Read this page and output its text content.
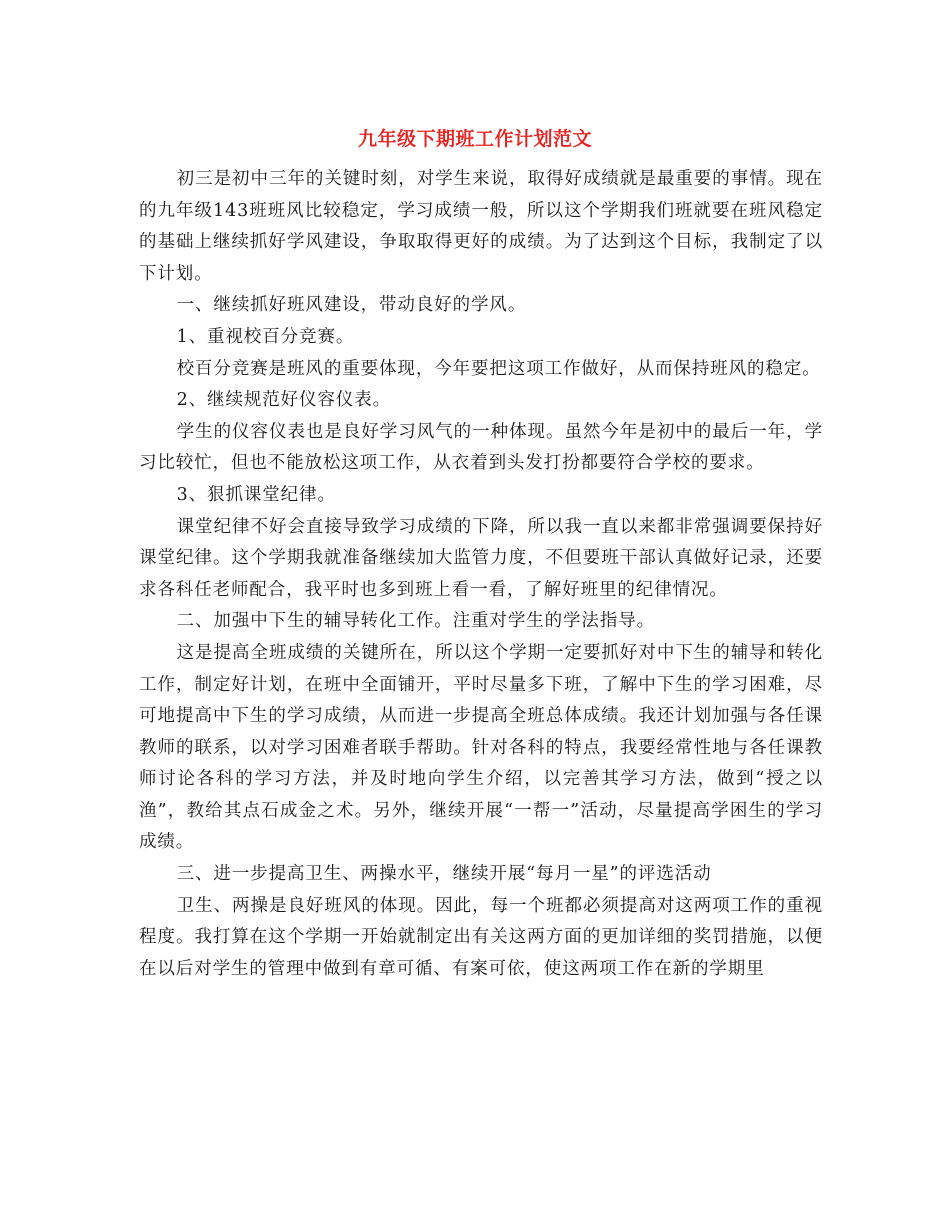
九年级下期班工作计划范文

初三是初中三年的关键时刻，对学生来说，取得好成绩就是最重要的事情。现在的九年级143班班风比较稳定，学习成绩一般，所以这个学期我们班就要在班风稳定的基础上继续抓好学风建设，争取取得更好的成绩。为了达到这个目标，我制定了以下计划。

一、继续抓好班风建设，带动良好的学风。

1、重视校百分竞赛。

校百分竞赛是班风的重要体现，今年要把这项工作做好，从而保持班风的稳定。

2、继续规范好仪容仪表。

学生的仪容仪表也是良好学习风气的一种体现。虽然今年是初中的最后一年，学习比较忙，但也不能放松这项工作，从衣着到头发打扮都要符合学校的要求。

3、狠抓课堂纪律。

课堂纪律不好会直接导致学习成绩的下降，所以我一直以来都非常强调要保持好课堂纪律。这个学期我就准备继续加大监管力度，不但要班干部认真做好记录，还要求各科任老师配合，我平时也多到班上看一看，了解好班里的纪律情况。

二、加强中下生的辅导转化工作。注重对学生的学法指导。

这是提高全班成绩的关键所在，所以这个学期一定要抓好对中下生的辅导和转化工作，制定好计划，在班中全面铺开，平时尽量多下班，了解中下生的学习困难，尽可地提高中下生的学习成绩，从而进一步提高全班总体成绩。我还计划加强与各任课教师的联系，以对学习困难者联手帮助。针对各科的特点，我要经常性地与各任课教师讨论各科的学习方法，并及时地向学生介绍，以完善其学习方法，做到“授之以渔”，教给其点石成金之术。另外，继续开展“一帮一”活动，尽量提高学困生的学习成绩。

三、进一步提高卫生、两操水平，继续开展“每月一星”的评选活动

卫生、两操是良好班风的体现。因此，每一个班都必须提高对这两项工作的重视程度。我打算在这个学期一开始就制定出有关这两方面的更加详细的奖罚措施，以便在以后对学生的管理中做到有章可循、有案可依，使这两项工作在新的学期里
